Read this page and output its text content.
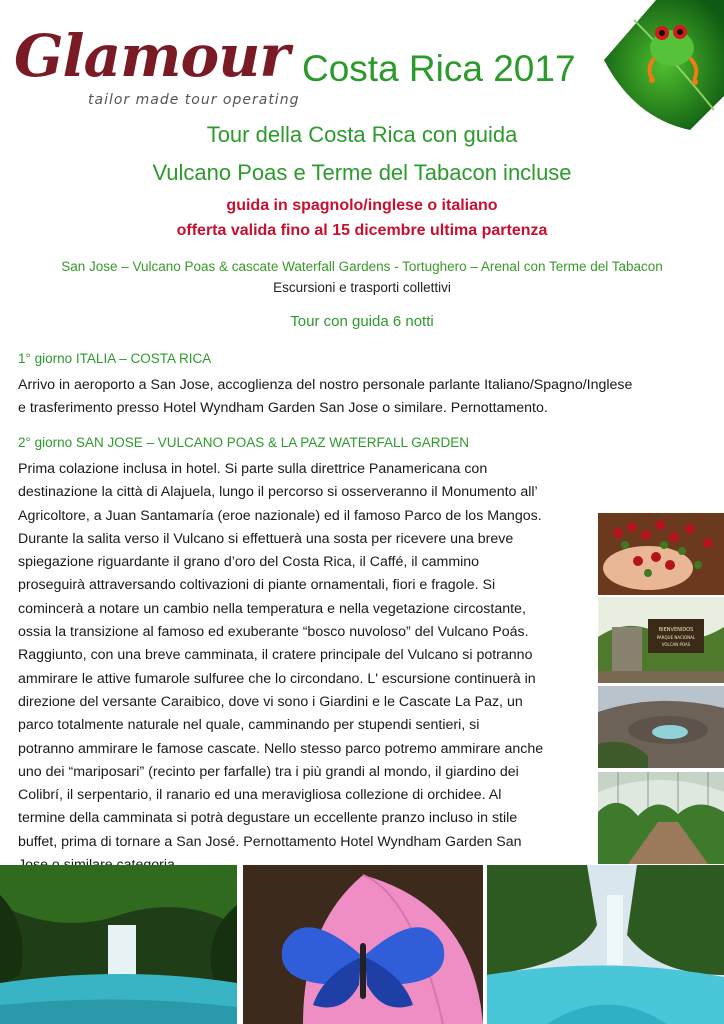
Glamour
tailor made tour operating
Costa Rica 2017
Tour della Costa Rica con guida
Vulcano Poas e Terme del Tabacon incluse
guida in spagnolo/inglese o italiano
offerta valida fino al 15 dicembre ultima partenza
San Jose – Vulcano Poas & cascate Waterfall Gardens - Tortughero – Arenal con Terme del Tabacon
Escursioni e trasporti collettivi
Tour con guida 6 notti
1° giorno ITALIA – COSTA RICA
Arrivo in aeroporto a San Jose, accoglienza del nostro personale parlante Italiano/Spagno/Inglese
e trasferimento presso Hotel Wyndham Garden San Jose o similare. Pernottamento.
2° giorno SAN JOSE – VULCANO POAS & LA PAZ WATERFALL GARDEN
Prima colazione inclusa in hotel. Si parte sulla direttrice Panamericana con
destinazione la città di Alajuela, lungo il percorso si osserveranno il Monumento all’
Agricoltore, a Juan Santamaría (eroe nazionale) ed il famoso Parco de los Mangos.
Durante la salita verso il Vulcano si effettuerà una sosta per ricevere una breve
spiegazione riguardante il grano d’oro del Costa Rica, il Caffé, il cammino
proseguirà attraversando coltivazioni di piante ornamentali, fiori e fragole. Si
comincerà a notare un cambio nella temperatura e nella vegetazione circostante,
ossia la transizione al famoso ed exuberante “bosco nuvoloso” del Vulcano Poás.
Raggiunto, con una breve camminata, il cratere principale del Vulcano si potranno
ammirare le attive fumarole sulfuree che lo circondano. L' escursione continuerà in
direzione del versante Caraibico, dove vi sono i Giardini e le Cascate La Paz, un
parco totalmente naturale nel quale, camminando per stupendi sentieri, si
potranno ammirare le famose cascate. Nello stesso parco potremo ammirare anche
uno dei “mariposari” (recinto per farfalle) tra i più grandi al mondo, il giardino dei
Colibrí, il serpentario, il ranario ed una meravigliosa collezione di orchidee. Al
termine della camminata si potrà degustare un eccellente pranzo incluso in stile
buffet, prima di tornare a San José. Pernottamento Hotel Wyndham Garden San

BIENVENIDOS
PARQUE NACIONAL
VOLCAN POAS
